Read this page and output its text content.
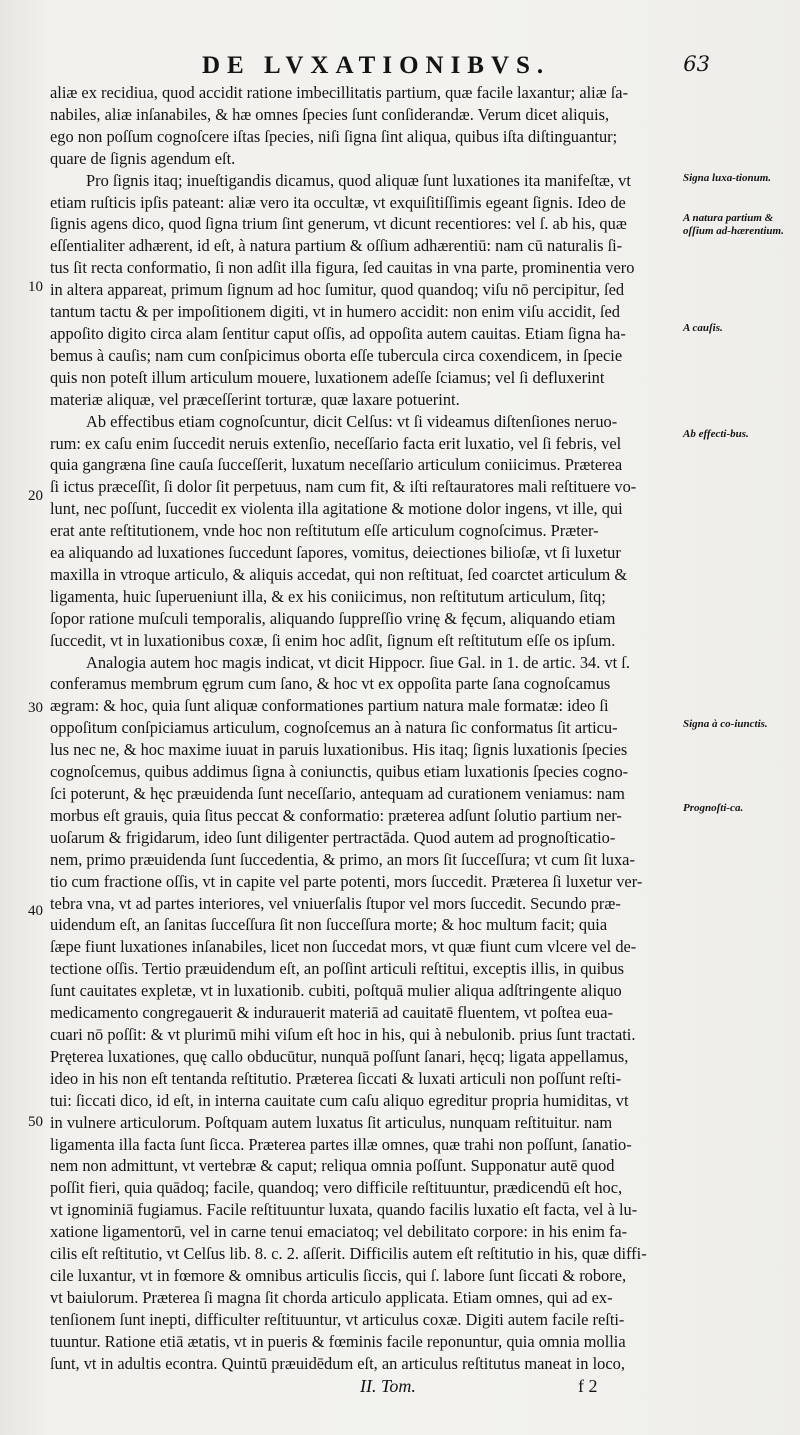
DE LVXATIONIBVS.	63

aliæ ex recidiua, quod accidit ratione imbecillitatis partium, quæ facile laxantur; aliæ ſa-
nabiles, aliæ inſanabiles, & hæ omnes ſpecies ſunt conſiderandæ. Verum dicet aliquis,
ego non poſſum cognoſcere iſtas ſpecies, niſi ſigna ſint aliqua, quibus iſta diſtinguantur;
quare de ſignis agendum eſt.

Pro ſignis itaq; inueſtigandis dicamus, quod aliquæ ſunt luxationes ita manifeſtæ, vt
etiam ruſticis ipſis pateant: aliæ vero ita occultæ, vt exquiſitiſſimis egeant ſignis. Ideo de
ſignis agens dico, quod ſigna trium ſint generum, vt dicunt recentiores: vel ſ. ab his, quæ
eſſentialiter adhærent, id eſt, à natura partium & oſſium adhærentiū: nam cū naturalis ſi-
tus ſit recta conformatio, ſi non adſit illa figura, ſed cauitas in vna parte, prominentia vero
in altera appareat, primum ſignum ad hoc ſumitur, quod quandoq; viſu nō percipitur, ſed
tantum tactu & per impoſitionem digiti, vt in humero accidit: non enim viſu accidit, ſed
appoſito digito circa alam ſentitur caput oſſis, ad oppoſita autem cauitas. Etiam ſigna ha-
bemus à cauſis; nam cum conſpicimus oborta eſſe tubercula circa coxendicem, in ſpecie
quis non poteſt illum articulum mouere, luxationem adeſſe ſciamus; vel ſi defluxerint
materiæ aliquæ, vel præceſſerint torturæ, quæ laxare potuerint.

Ab effectibus etiam cognoſcuntur, dicit Celſus: vt ſi videamus diſtenſiones neruo-
rum: ex caſu enim ſuccedit neruis extenſio, neceſſario facta erit luxatio, vel ſi febris, vel
quia gangræna ſine cauſa ſucceſſerit, luxatum neceſſario articulum coniicimus. Præterea
ſi ictus præceſſit, ſi dolor ſit perpetuus, nam cum fit, & iſti reſtauratores mali reſtituere vo-
lunt, nec poſſunt, ſuccedit ex violenta illa agitatione & motione dolor ingens, vt ille, qui
erat ante reſtitutionem, vnde hoc non reſtitutum eſſe articulum cognoſcimus. Præter-
ea aliquando ad luxationes ſuccedunt ſapores, vomitus, deiectiones bilioſæ, vt ſi luxetur
maxilla in vtroque articulo, & aliquis accedat, qui non reſtituat, ſed coarctet articulum &
ligamenta, huic ſuperueniunt illa, & ex his coniicimus, non reſtitutum articulum, ſitq;
ſopor ratione muſculi temporalis, aliquando ſuppreſſio vrinę & fęcum, aliquando etiam
ſuccedit, vt in luxationibus coxæ, ſi enim hoc adſit, ſignum eſt reſtitutum eſſe os ipſum.

Analogia autem hoc magis indicat, vt dicit Hippocr. ſiue Gal. in 1. de artic. 34. vt ſ.
conferamus membrum ęgrum cum ſano, & hoc vt ex oppoſita parte ſana cognoſcamus
ægram: & hoc, quia ſunt aliquæ conformationes partium natura male formatæ: ideo ſi
oppoſitum conſpiciamus articulum, cognoſcemus an à natura ſic conformatus ſit articu-
lus nec ne, & hoc maxime iuuat in paruis luxationibus. His itaq; ſignis luxationis ſpecies
cognoſcemus, quibus addimus ſigna à coniunctis, quibus etiam luxationis ſpecies cogno-
ſci poterunt, & hęc præuidenda ſunt neceſſario, antequam ad curationem veniamus: nam
morbus eſt grauis, quia ſitus peccat & conformatio: præterea adſunt ſolutio partium ner-
uoſarum & frigidarum, ideo ſunt diligenter pertractāda. Quod autem ad prognoſticatio-
nem, primo præuidenda ſunt ſuccedentia, & primo, an mors ſit ſucceſſura; vt cum ſit luxa-
tio cum fractione oſſis, vt in capite vel parte potenti, mors ſuccedit. Præterea ſi luxetur ver-
tebra vna, vt ad partes interiores, vel vniuerſalis ſtupor vel mors ſuccedit. Secundo præ-
uidendum eſt, an ſanitas ſucceſſura ſit non ſucceſſura morte; & hoc multum facit; quia
ſæpe fiunt luxationes inſanabiles, licet non ſuccedat mors, vt quæ fiunt cum vlcere vel de-
tectione oſſis. Tertio præuidendum eſt, an poſſint articuli reſtitui, exceptis illis, in quibus
ſunt cauitates expletæ, vt in luxationib. cubiti, poſtquā mulier aliqua adſtringente aliquo
medicamento congregauerit & indurauerit materiā ad cauitatē fluentem, vt poſtea eua-
cuari nō poſſit: & vt plurimū mihi viſum eſt hoc in his, qui à nebulonib. prius ſunt tractati.
Pręterea luxationes, quę callo obducūtur, nunquā poſſunt ſanari, hęcq; ligata appellamus,
ideo in his non eſt tentanda reſtitutio. Præterea ſiccati & luxati articuli non poſſunt reſti-
tui: ſiccati dico, id eſt, in interna cauitate cum caſu aliquo egreditur propria humiditas, vt
in vulnere articulorum. Poſtquam autem luxatus ſit articulus, nunquam reſtituitur. nam
ligamenta illa facta ſunt ſicca. Præterea partes illæ omnes, quæ trahi non poſſunt, ſanatio-
nem non admittunt, vt vertebræ & caput; reliqua omnia poſſunt. Supponatur autē quod
poſſit fieri, quia quādoq; facile, quandoq; vero difficile reſtituuntur, prædicendū eſt hoc,
vt ignominiā fugiamus. Facile reſtituuntur luxata, quando facilis luxatio eſt facta, vel à lu-
xatione ligamentorū, vel in carne tenui emaciatoq; vel debilitato corpore: in his enim fa-
cilis eſt reſtitutio, vt Celſus lib. 8. c. 2. aſſerit. Difficilis autem eſt reſtitutio in his, quæ diffi-
cile luxantur, vt in fœmore & omnibus articulis ſiccis, qui ſ. labore ſunt ſiccati & robore,
vt baiulorum. Præterea ſi magna ſit chorda articulo applicata. Etiam omnes, qui ad ex-
tenſionem ſunt inepti, difficulter reſtituuntur, vt articulus coxæ. Digiti autem facile reſti-
tuuntur. Ratione etiā ætatis, vt in pueris & fœminis facile reponuntur, quia omnia mollia
ſunt, vt in adultis econtra. Quintū præuidēdum eſt, an articulus reſtitutus maneat in loco,

10
20
30
40
50
Signa luxa-tionum.
A natura partium & oſſium ad-hærentium.
A cauſis.
Ab effecti-bus.
Signa à co-iunctis.
Prognoſti-ca.
II. Tom.	f 2
